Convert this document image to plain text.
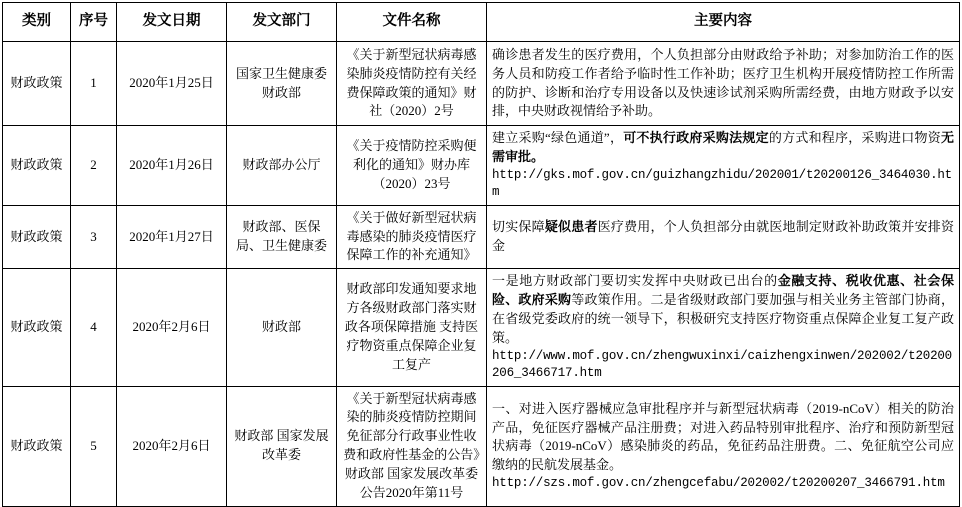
类别	序号	发文日期	发文部门	文件名称	主要内容
财政政策	1	2020年1月25日	国家卫生健康委 财政部	《关于新型冠状病毒感染肺炎疫情防控有关经费保障政策的通知》财社（2020）2号	确诊患者发生的医疗费用，个人负担部分由财政给予补助；对参加防治工作的医务人员和防疫工作者给予临时性工作补助；医疗卫生机构开展疫情防控工作所需的防护、诊断和治疗专用设备以及快速诊试剂采购所需经费，由地方财政予以安排，中央财政视情给予补助。
财政政策	2	2020年1月26日	财政部办公厅	《关于疫情防控采购便利化的通知》财办库（2020）23号	建立采购“绿色通道”，可不执行政府采购法规定的方式和程序，采购进口物资无需审批。
http://gks.mof.gov.cn/guizhangzhidu/202001/t20200126_3464030.htm

财政政策	3	2020年1月27日	财政部、医保局、卫生健康委	《关于做好新型冠状病毒感染的肺炎疫情医疗保障工作的补充通知》	切实保障疑似患者医疗费用，个人负担部分由就医地制定财政补助政策并安排资金
财政政策	4	2020年2月6日	财政部	财政部印发通知要求地方各级财政部门落实财政各项保障措施 支持医疗物资重点保障企业复工复产	一是地方财政部门要切实发挥中央财政已出台的金融支持、税收优惠、社会保险、政府采购等政策作用。二是省级财政部门要加强与相关业务主管部门协商，在省级党委政府的统一领导下，积极研究支持医疗物资重点保障企业复工复产政策。
http://www.mof.gov.cn/zhengwuxinxi/caizhengxinwen/202002/t20200206_3466717.htm

财政政策	5	2020年2月6日	财政部 国家发展改革委	《关于新型冠状病毒感染的肺炎疫情防控期间免征部分行政事业性收费和政府性基金的公告》财政部 国家发展改革委公告2020年第11号	一、对进入医疗器械应急审批程序并与新型冠状病毒（2019-nCoV）相关的防治产品，免征医疗器械产品注册费；对进入药品特别审批程序、治疗和预防新型冠状病毒（2019-nCoV）感染肺炎的药品，免征药品注册费。二、免征航空公司应缴纳的民航发展基金。
http://szs.mof.gov.cn/zhengcefabu/202002/t20200207_3466791.htm
